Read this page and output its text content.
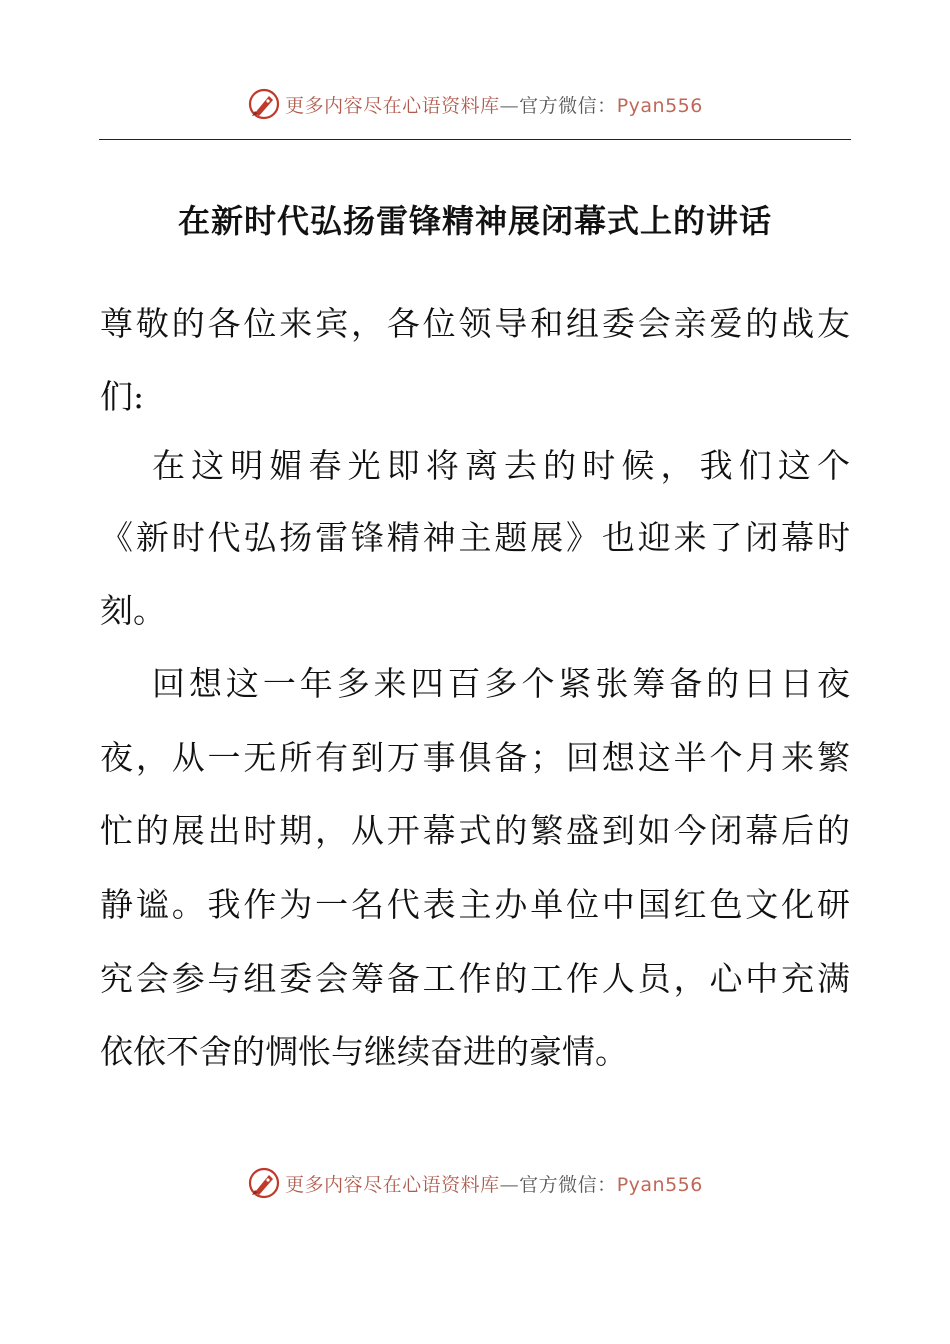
更多内容尽在心语资料库—官方微信：Pyan556
在新时代弘扬雷锋精神展闭幕式上的讲话
尊敬的各位来宾，各位领导和组委会亲爱的战友
们:
在这明媚春光即将离去的时候，我们这个
《新时代弘扬雷锋精神主题展》也迎来了闭幕时
刻。
回想这一年多来四百多个紧张筹备的日日夜
夜，从一无所有到万事俱备；回想这半个月来繁
忙的展出时期，从开幕式的繁盛到如今闭幕后的
静谧。我作为一名代表主办单位中国红色文化研
究会参与组委会筹备工作的工作人员，心中充满
依依不舍的惆怅与继续奋进的豪情。
更多内容尽在心语资料库—官方微信：Pyan556
